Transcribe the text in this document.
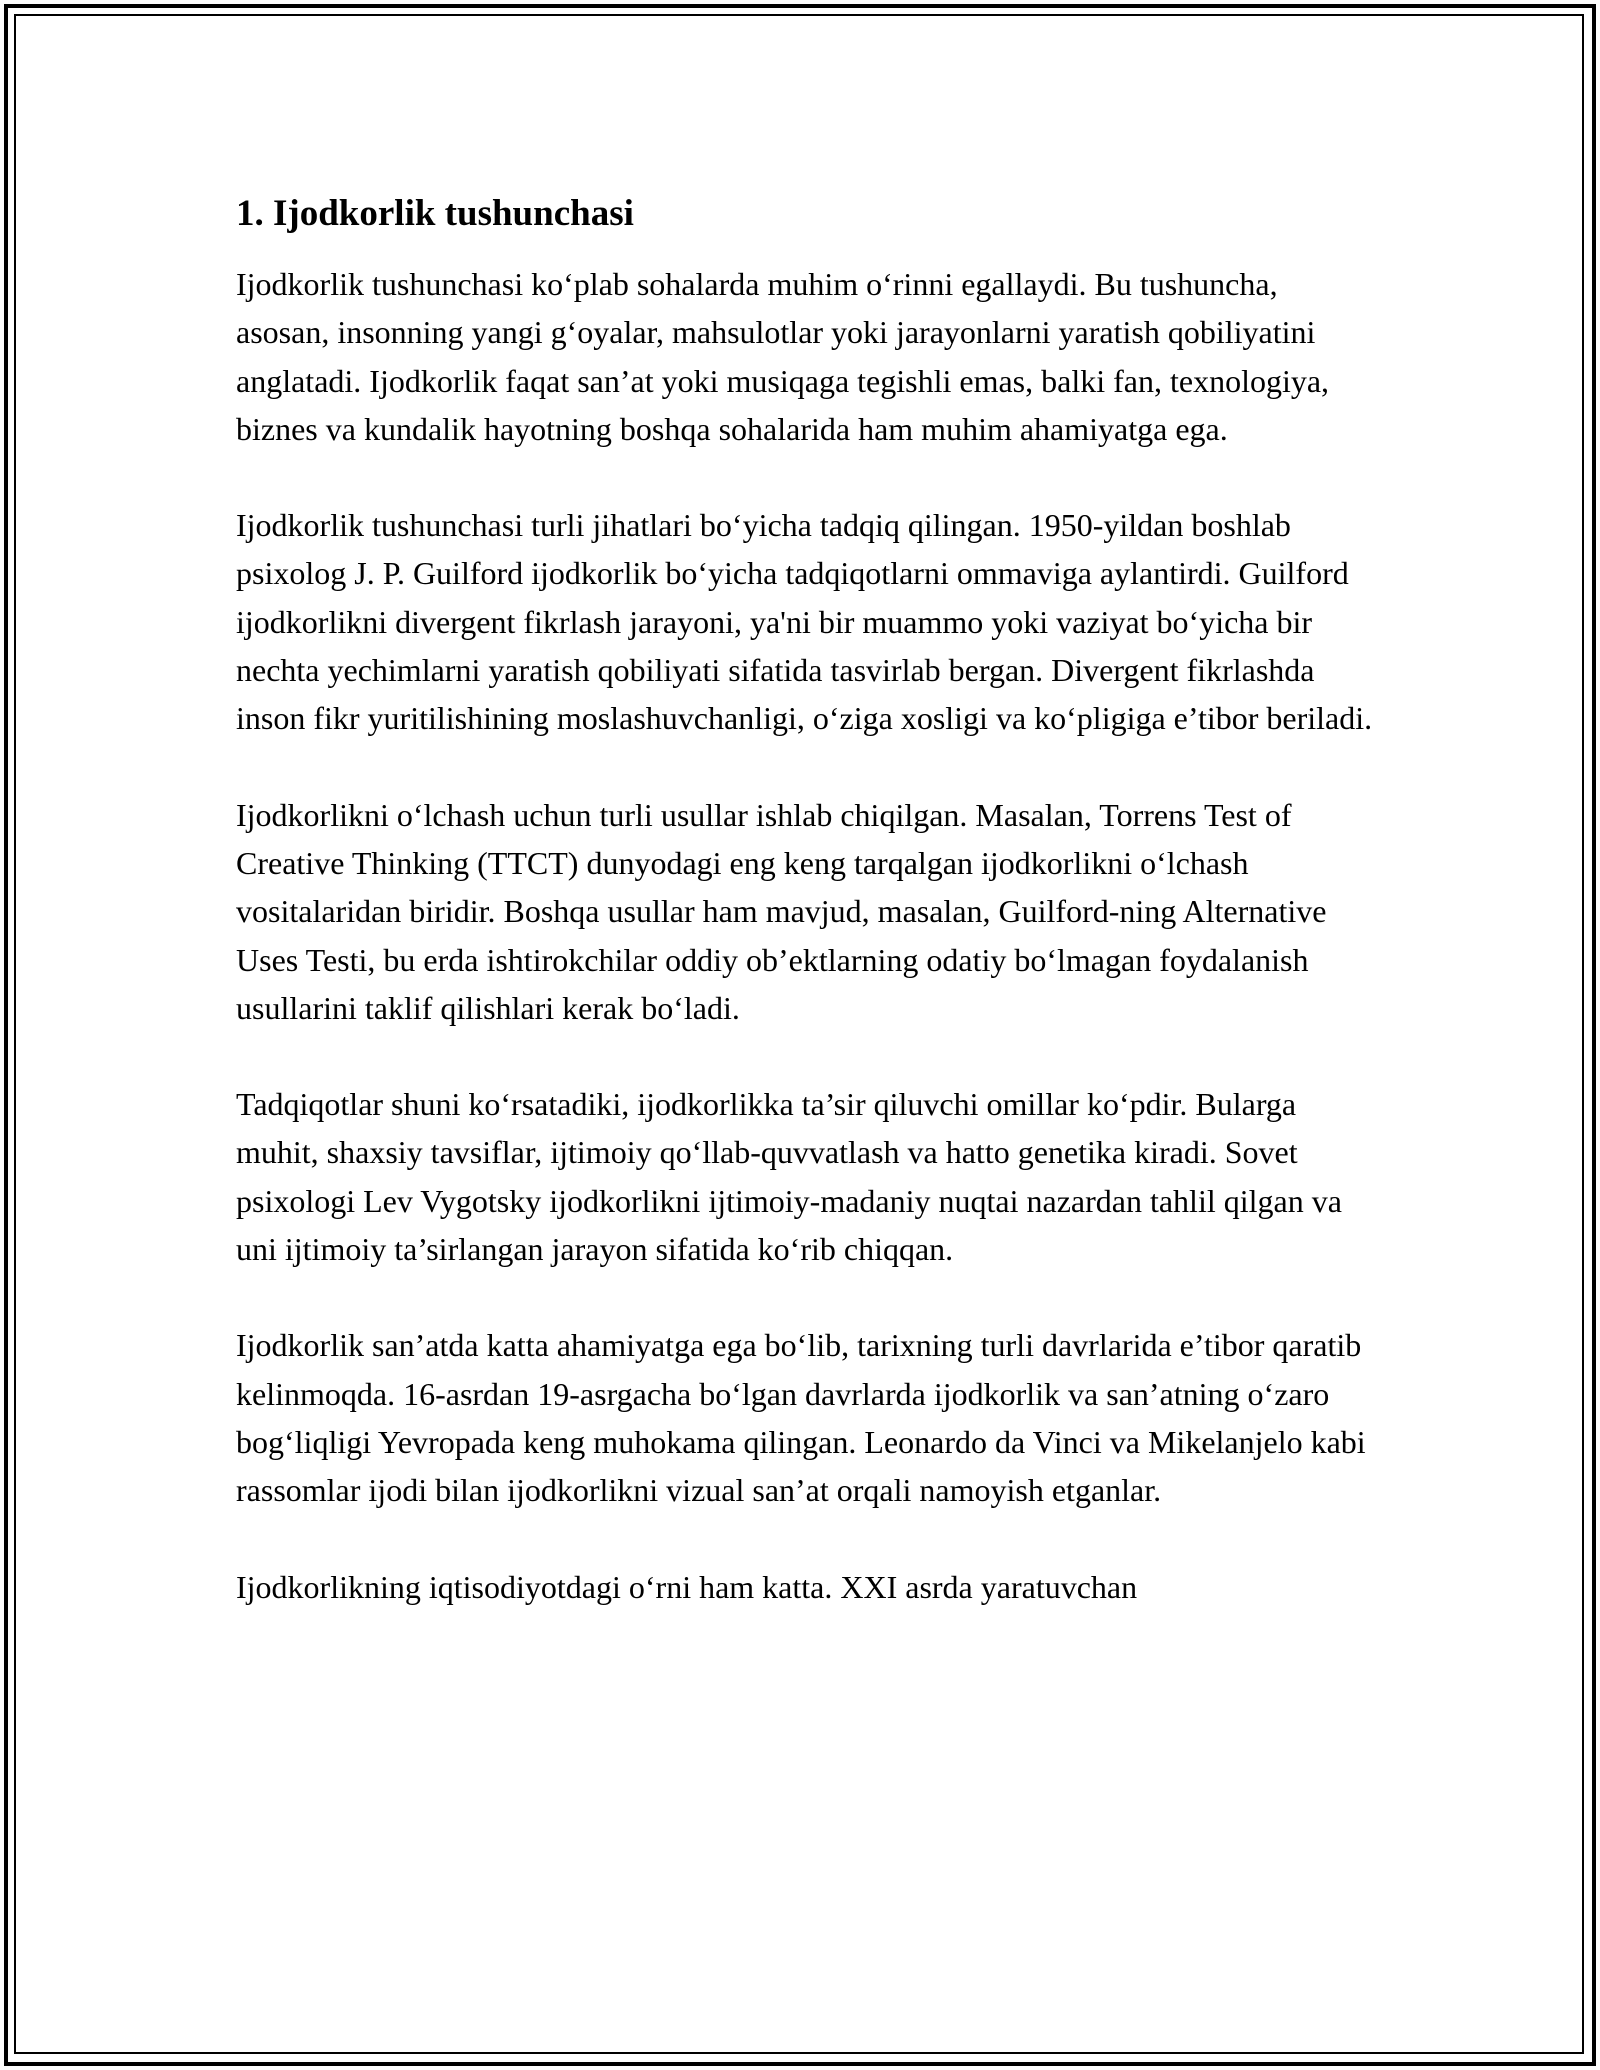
1. Ijodkorlik tushunchasi

Ijodkorlik tushunchasi ko‘plab sohalarda muhim o‘rinni egallaydi. Bu tushuncha, asosan, insonning yangi g‘oyalar, mahsulotlar yoki jarayonlarni yaratish qobiliyatini anglatadi. Ijodkorlik faqat san’at yoki musiqaga tegishli emas, balki fan, texnologiya, biznes va kundalik hayotning boshqa sohalarida ham muhim ahamiyatga ega.

Ijodkorlik tushunchasi turli jihatlari bo‘yicha tadqiq qilingan. 1950-yildan boshlab psixolog J. P. Guilford ijodkorlik bo‘yicha tadqiqotlarni ommaviga aylantirdi. Guilford ijodkorlikni divergent fikrlash jarayoni, ya'ni bir muammo yoki vaziyat bo‘yicha bir nechta yechimlarni yaratish qobiliyati sifatida tasvirlab bergan. Divergent fikrlashda inson fikr yuritilishining moslashuvchanligi, o‘ziga xosligi va ko‘pligiga e’tibor beriladi.

Ijodkorlikni o‘lchash uchun turli usullar ishlab chiqilgan. Masalan, Torrens Test of Creative Thinking (TTCT) dunyodagi eng keng tarqalgan ijodkorlikni o‘lchash vositalaridan biridir. Boshqa usullar ham mavjud, masalan, Guilford-ning Alternative Uses Testi, bu erda ishtirokchilar oddiy ob’ektlarning odatiy bo‘lmagan foydalanish usullarini taklif qilishlari kerak bo‘ladi.

Tadqiqotlar shuni ko‘rsatadiki, ijodkorlikka ta’sir qiluvchi omillar ko‘pdir. Bularga muhit, shaxsiy tavsiflar, ijtimoiy qo‘llab-quvvatlash va hatto genetika kiradi. Sovet psixologi Lev Vygotsky ijodkorlikni ijtimoiy-madaniy nuqtai nazardan tahlil qilgan va uni ijtimoiy ta’sirlangan jarayon sifatida ko‘rib chiqqan.

Ijodkorlik san’atda katta ahamiyatga ega bo‘lib, tarixning turli davrlarida e’tibor qaratib kelinmoqda. 16-asrdan 19-asrgacha bo‘lgan davrlarda ijodkorlik va san’atning o‘zaro bog‘liqligi Yevropada keng muhokama qilingan. Leonardo da Vinci va Mikelanjelo kabi rassomlar ijodi bilan ijodkorlikni vizual san’at orqali namoyish etganlar.

Ijodkorlikning iqtisodiyotdagi o‘rni ham katta. XXI asrda yaratuvchan
